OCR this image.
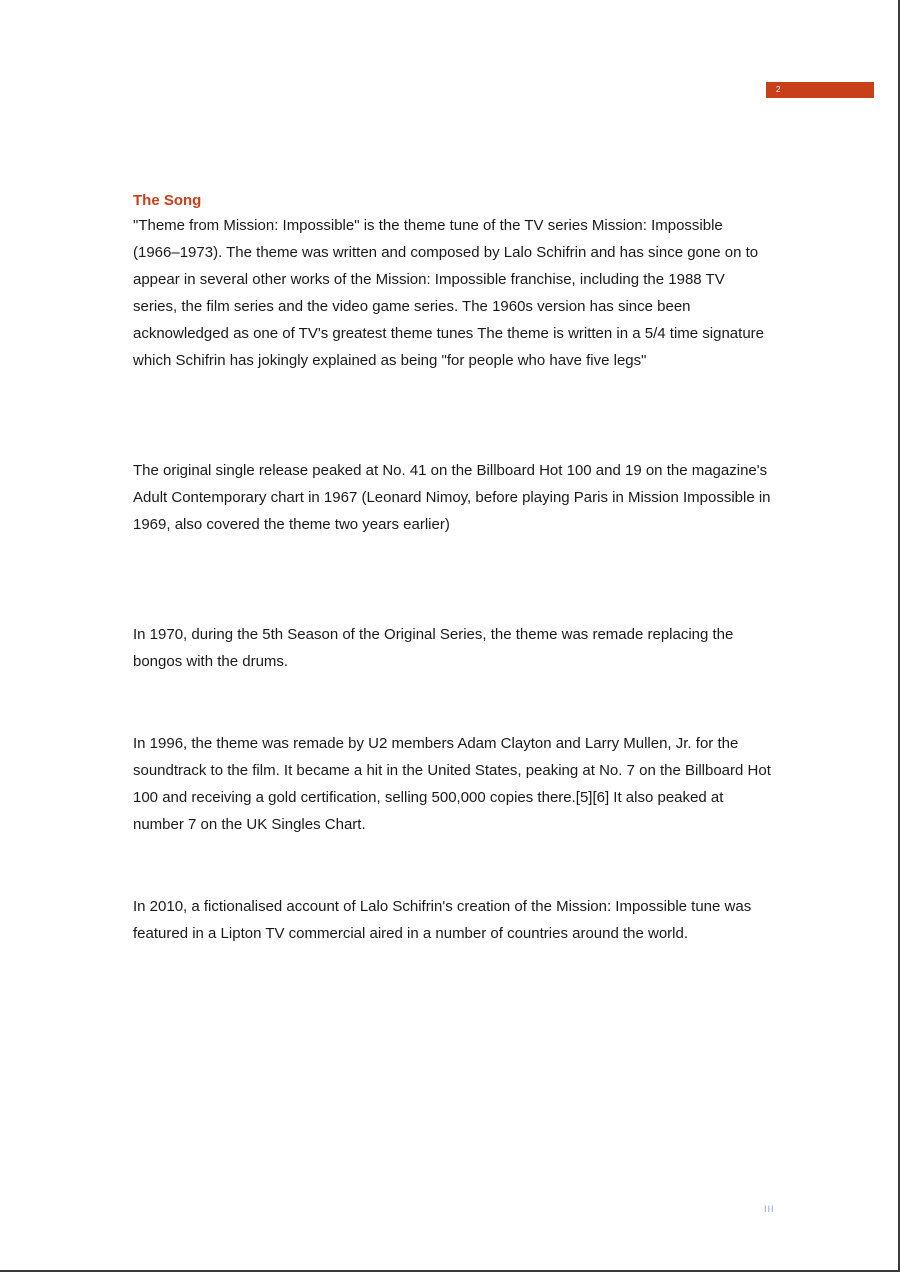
2
The Song

"Theme from Mission: Impossible" is the theme tune of the TV series Mission: Impossible (1966–1973). The theme was written and composed by Lalo Schifrin and has since gone on to appear in several other works of the Mission: Impossible franchise, including the 1988 TV series, the film series and the video game series. The 1960s version has since been acknowledged as one of TV's greatest theme tunes The theme is written in a 5/4 time signature which Schifrin has jokingly explained as being "for people who have five legs"

The original single release peaked at No. 41 on the Billboard Hot 100 and 19 on the magazine's Adult Contemporary chart in 1967 (Leonard Nimoy, before playing Paris in Mission Impossible in 1969, also covered the theme two years earlier)

In 1970, during the 5th Season of the Original Series, the theme was remade replacing the bongos with the drums.

In 1996, the theme was remade by U2 members Adam Clayton and Larry Mullen, Jr. for the soundtrack to the film. It became a hit in the United States, peaking at No. 7 on the Billboard Hot 100 and receiving a gold certification, selling 500,000 copies there.[5][6] It also peaked at number 7 on the UK Singles Chart.

In 2010, a fictionalised account of Lalo Schifrin's creation of the Mission: Impossible tune was featured in a Lipton TV commercial aired in a number of countries around the world.

III
